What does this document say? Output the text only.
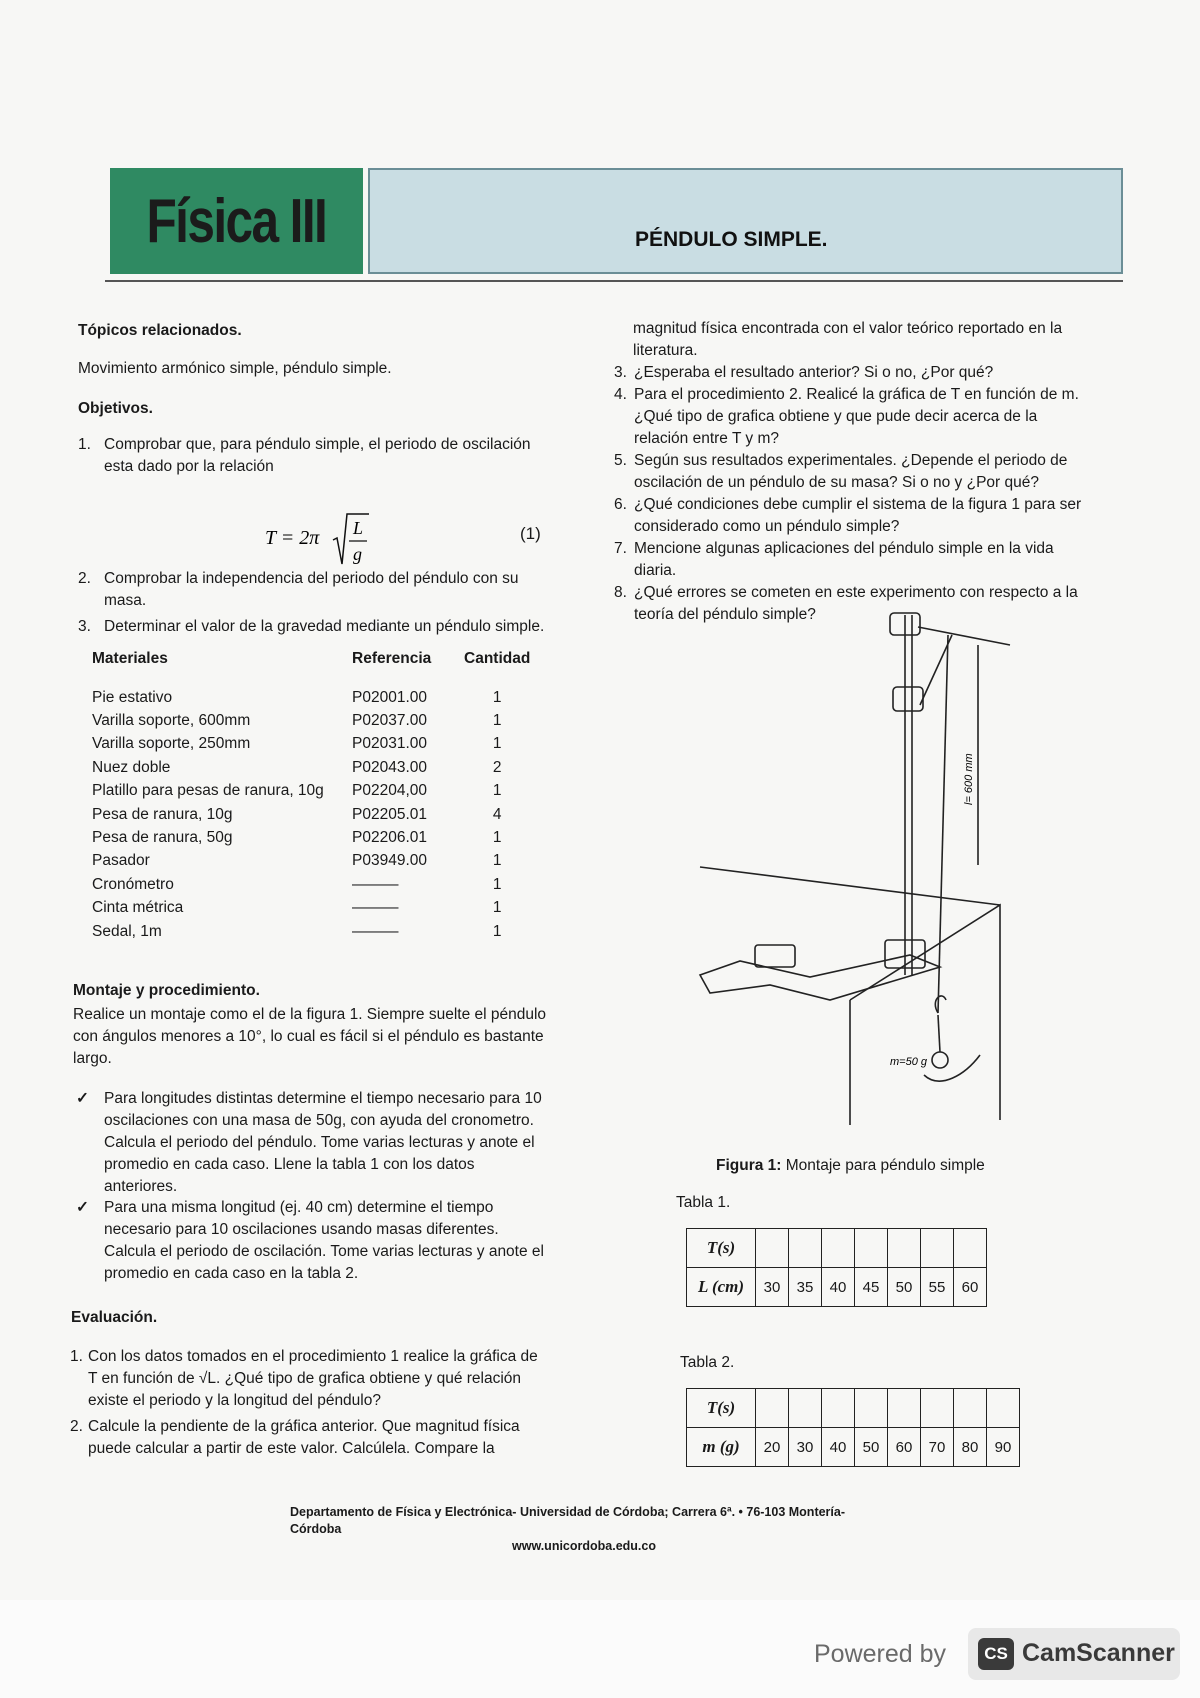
Física III	PÉNDULO SIMPLE.
Tópicos relacionados.
Movimiento armónico simple, péndulo simple.
Objetivos.
1. Comprobar que, para péndulo simple, el periodo de oscilación esta dado por la relación
T = 2π L
g
(1)
2. Comprobar la independencia del periodo del péndulo con su masa.
3. Determinar el valor de la gravedad mediante un péndulo simple.
Materiales	Referencia	Cantidad
Pie estativo	P02001.00	1
Varilla soporte, 600mm	P02037.00	1
Varilla soporte, 250mm	P02031.00	1
Nuez doble	P02043.00	2
Platillo para pesas de ranura, 10g	P02204,00	1
Pesa de ranura, 10g	P02205.01	4
Pesa de ranura, 50g	P02206.01	1
Pasador	P03949.00	1
Cronómetro	———	1
Cinta métrica	———	1
Sedal, 1m	———	1
Montaje y procedimiento.
Realice un montaje como el de la figura 1. Siempre suelte el péndulo con ángulos menores a 10°, lo cual es fácil si el péndulo es bastante largo.
✓ Para longitudes distintas determine el tiempo necesario para 10 oscilaciones con una masa de 50g, con ayuda del cronometro. Calcula el periodo del péndulo. Tome varias lecturas y anote el promedio en cada caso. Llene la tabla 1 con los datos anteriores.
✓ Para una misma longitud (ej. 40 cm) determine el tiempo necesario para 10 oscilaciones usando masas diferentes. Calcula el periodo de oscilación. Tome varias lecturas y anote el promedio en cada caso en la tabla 2.
Evaluación.
1. Con los datos tomados en el procedimiento 1 realice la gráfica de T en función de √L. ¿Qué tipo de grafica obtiene y qué relación existe el periodo y la longitud del péndulo?
2. Calcule la pendiente de la gráfica anterior. Que magnitud física puede calcular a partir de este valor. Calcúlela. Compare la
magnitud física encontrada con el valor teórico reportado en la literatura.
3. ¿Esperaba el resultado anterior? Si o no, ¿Por qué?
4. Para el procedimiento 2. Realicé la gráfica de T en función de m. ¿Qué tipo de grafica obtiene y que pude decir acerca de la relación entre T y m?
5. Según sus resultados experimentales. ¿Depende el periodo de oscilación de un péndulo de su masa? Si o no y ¿Por qué?
6. ¿Qué condiciones debe cumplir el sistema de la figura 1 para ser considerado como un péndulo simple?
7. Mencione algunas aplicaciones del péndulo simple en la vida diaria.
8. ¿Qué errores se cometen en este experimento con respecto a la teoría del péndulo simple?
l= 600 mm
m=50 g
Figura 1: Montaje para péndulo simple
Tabla 1.
T(s)							
L (cm)	30	35	40	45	50	55	60
Tabla 2.
T(s)								
m (g)	20	30	40	50	60	70	80	90
Departamento de Física y Electrónica- Universidad de Córdoba; Carrera 6ª. • 76-103 Montería-Córdoba
www.unicordoba.edu.co
Powered by	CS CamScanner
